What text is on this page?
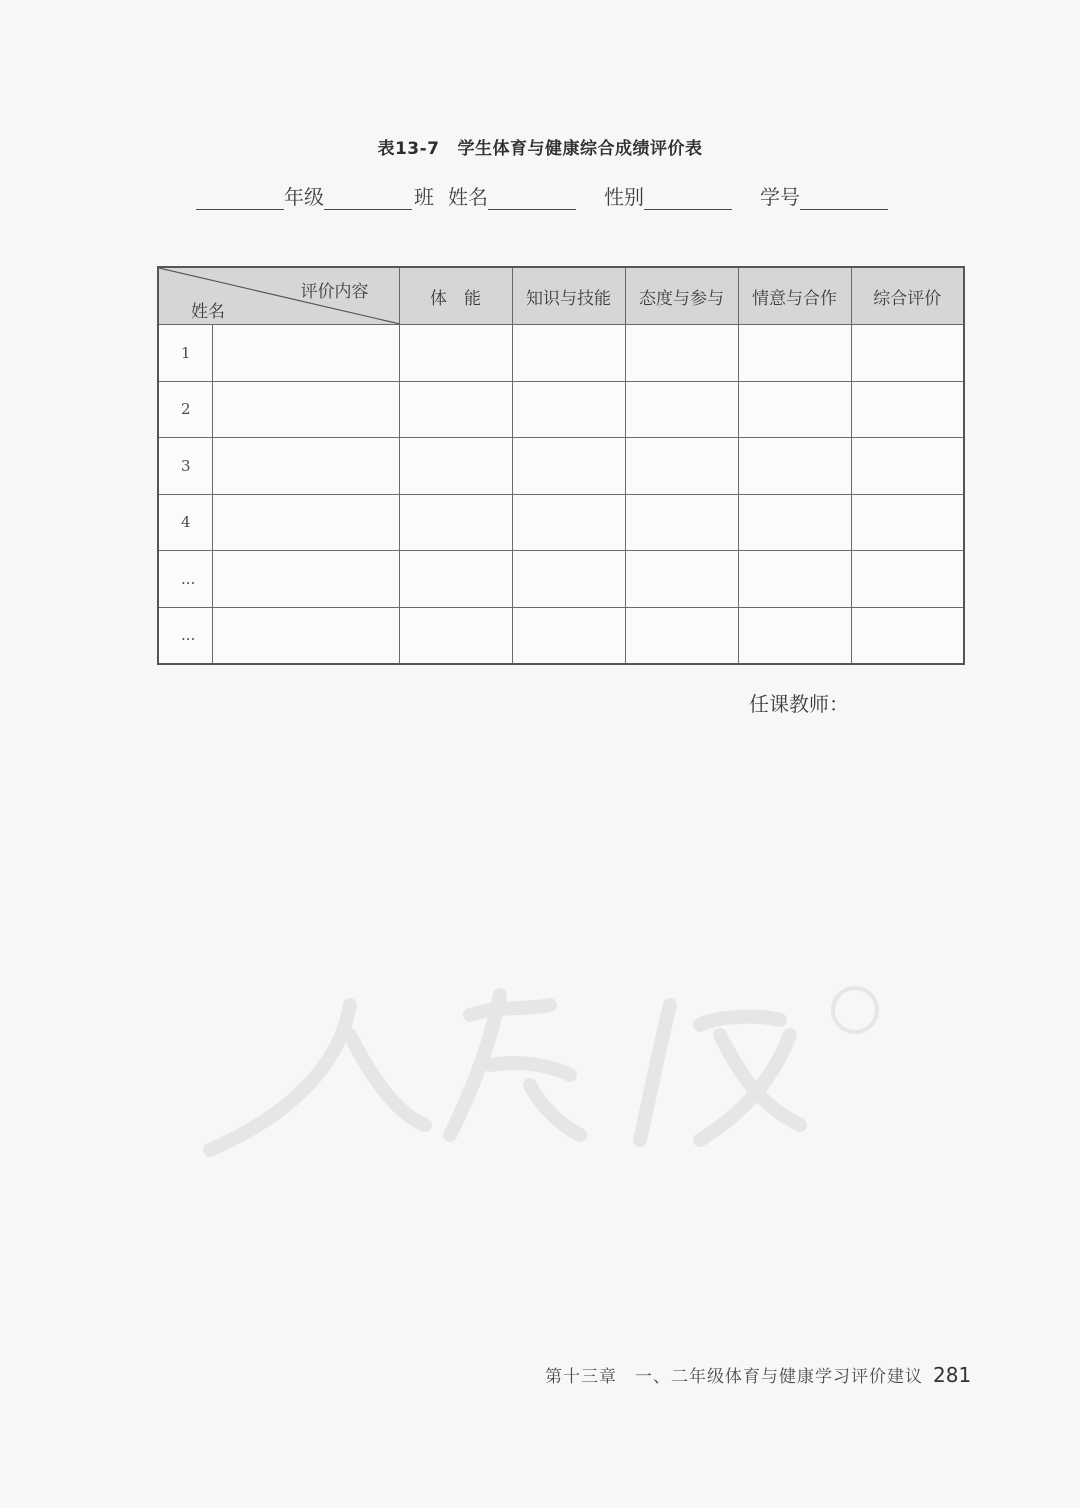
表13-7 学生体育与健康综合成绩评价表
年级	班 姓名	性别	学号
评价内容
姓名		体　能	知识与技能	态度与参与	情意与合作	综合评价
1						
2						
3						
4						
...						
...						
任课教师：
第十三章　一、二年级体育与健康学习评价建议 281
